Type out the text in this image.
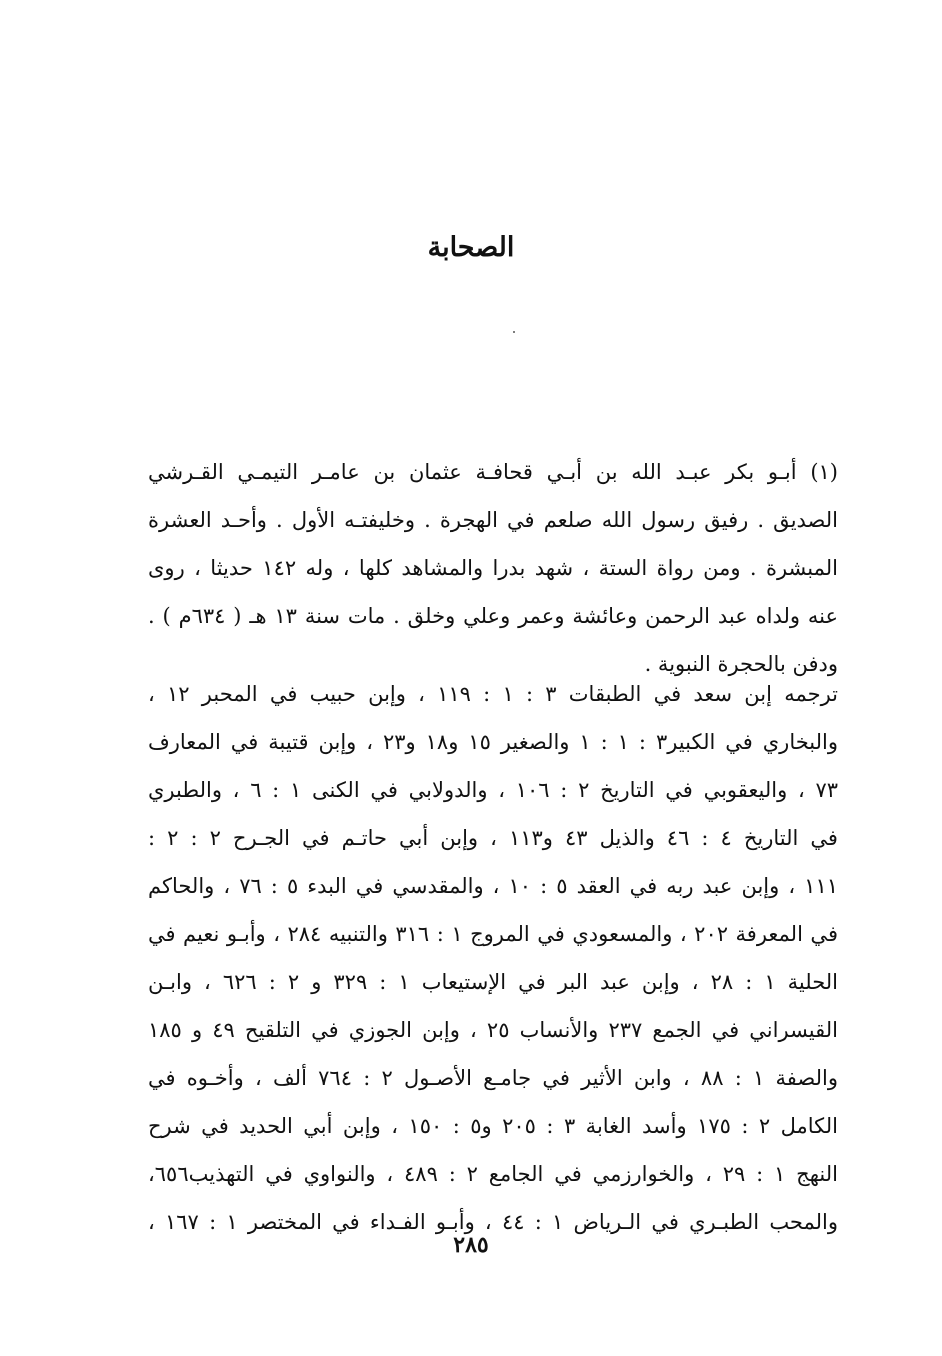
الصحابة
(١) أبـو بكر عبـد الله بن أبـي قحافـة عثمان بن عامـر التيمـي القـرشي
الصديق . رفيق رسول الله صلعم في الهجرة . وخليفتـه الأول . وأحـد العشرة
المبشرة . ومن رواة الستة ، شهد بدرا والمشاهد كلها ، وله ١٤٢ حديثا ، روى
عنه ولداه عبد الرحمن وعائشة وعمر وعلي وخلق . مات سنة ١٣ هـ ( ٦٣٤م ) .
ودفن بالحجرة النبوية .
ترجمه إبن سعد في الطبقات ٣ : ١ : ١١٩ ، وإبن حبيب في المحبر ١٢ ،
والبخاري في الكبير٣ : ١ : ١ والصغير ١٥ و١٨ و٢٣ ، وإبن قتيبة في المعارف
٧٣ ، واليعقوبي في التاريخ ٢ : ١٠٦ ، والدولابي في الكنى ١ : ٦ ، والطبري
في التاريخ ٤ : ٤٦ والذيل ٤٣ و١١٣ ، وإبن أبي حاتـم في الجـرح ٢ : ٢ :
١١١ ، وإبن عبد ربه في العقد ٥ : ١٠ ، والمقدسي في البدء ٥ : ٧٦ ، والحاكم
في المعرفة ٢٠٢ ، والمسعودي في المروج ١ : ٣١٦ والتنبيه ٢٨٤ ، وأبـو نعيم في
الحلية ١ : ٢٨ ، وإبن عبد البر في الإستيعاب ١ : ٣٢٩ و ٢ : ٦٢٦ ، وابـن
القيسراني في الجمع ٢٣٧ والأنساب ٢٥ ، وإبن الجوزي في التلقيح ٤٩ و ١٨٥
والصفة ١ : ٨٨ ، وابن الأثير في جامـع الأصـول ٢ : ٧٦٤ ألف ، وأخـوه في
الكامل ٢ : ١٧٥ وأسد الغابة ٣ : ٢٠٥ و٥ : ١٥٠ ، وإبن أبي الحديد في شرح
النهج ١ : ٢٩ ، والخوارزمي في الجامع ٢ : ٤٨٩ ، والنواوي في التهذيب٦٥٦،
والمحب الطبـري في الـرياض ١ : ٤٤ ، وأبـو الفـداء في المختصر ١ : ١٦٧ ،
٢٨٥
